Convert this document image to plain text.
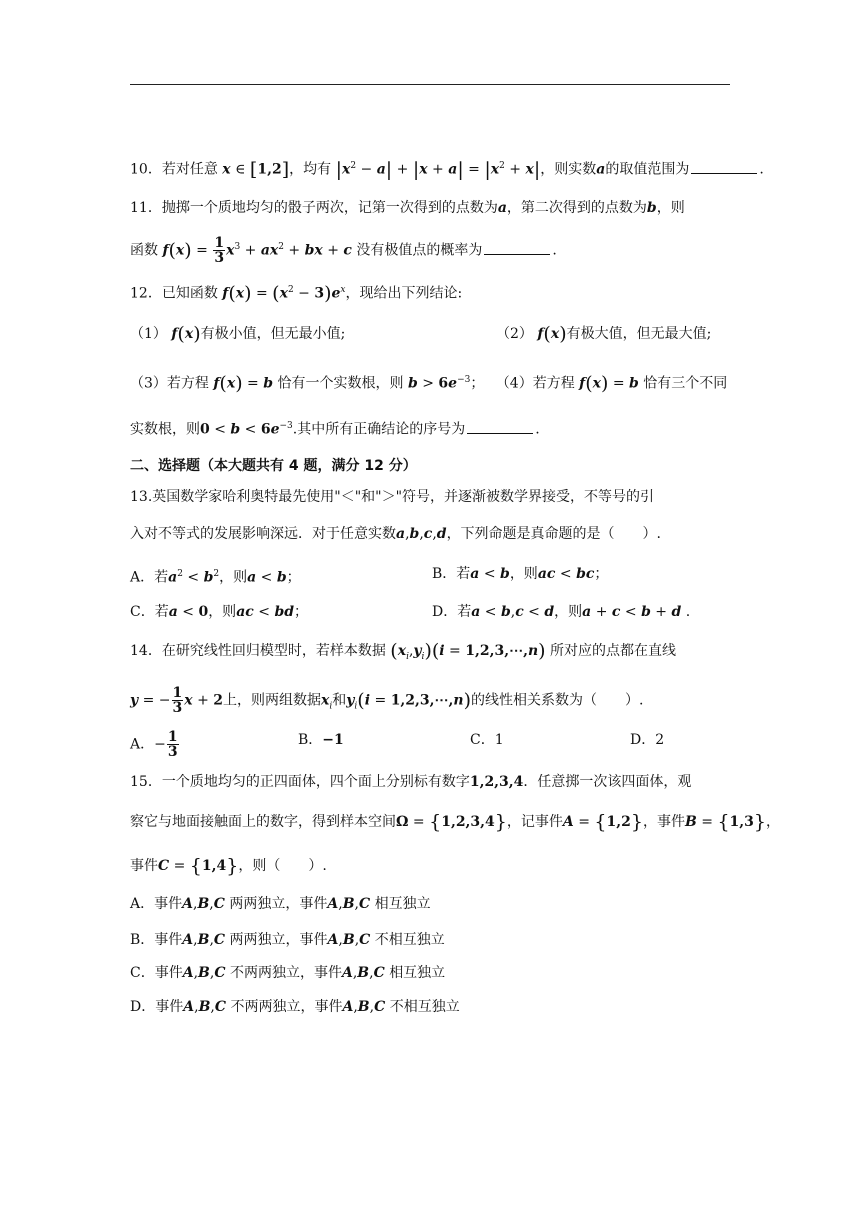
10．若对任意 x ∈ [1,2]，均有 $|x^2 - a| + |x + a| = |x^2 + x|$，则实数a的取值范围为	.
11．抛掷一个质地均匀的骰子两次，记第一次得到的点数为a，第二次得到的点数为b，则
函数 $f(x) = \frac{1}{3} x^3 + ax^2$ + bx + c 没有极值点的概率为	.
12．已知函数 $f(x) = (x^2 - 3)e^x$，现给出下列结论:
（1） f(x)有极小值，但无最小值;	（2） f(x)有极大值，但无最大值;
（3）若方程 f(x) = b 恰有一个实数根，则 $b > 6e^{-3}$；　 （4）若方程 f(x) = b 恰有三个不同
实数根，则$0 < b < 6e^{-3}$.其中所有正确结论的序号为	.
二、选择题（本大题共有 4 题，满分 12 分）
13.英国数学家哈利奥特最先使用"＜"和"＞"符号，并逐渐被数学界接受，不等号的引
入对不等式的发展影响深远．对于任意实数a,b,c,d，下列命题是真命题的是（　　）.
A．若$a^2 < b^2$，则a < b；	B．若a < b，则ac < bc；
C．若a < 0，则ac < bd；	D．若a < b,c < d，则a + c < b + d .
14．在研究线性回归模型时，若样本数据 $(x_i,y_i)(i$ = 1,2,3,⋯,n) 所对应的点都在直线
y = − $\frac{1}{3}$ x + 2上，则两组数据$x_i$和$y_i(i$ = 1,2,3,⋯,n)的线性相关系数为（　　）.
A．− $\frac{1}{3}$	B．−1	C．1	D．2
15．一个质地均匀的正四面体，四个面上分别标有数字1,2,3,4．任意掷一次该四面体，观
察它与地面接触面上的数字，得到样本空间Ω = {1,2,3,4}，记事件A = {1,2}，事件B = {1,3}，
事件C = {1,4}，则（　　）.
A．事件A,B,C 两两独立，事件A,B,C 相互独立
B．事件A,B,C 两两独立，事件A,B,C 不相互独立
C．事件A,B,C 不两两独立，事件A,B,C 相互独立
D．事件A,B,C 不两两独立，事件A,B,C 不相互独立
